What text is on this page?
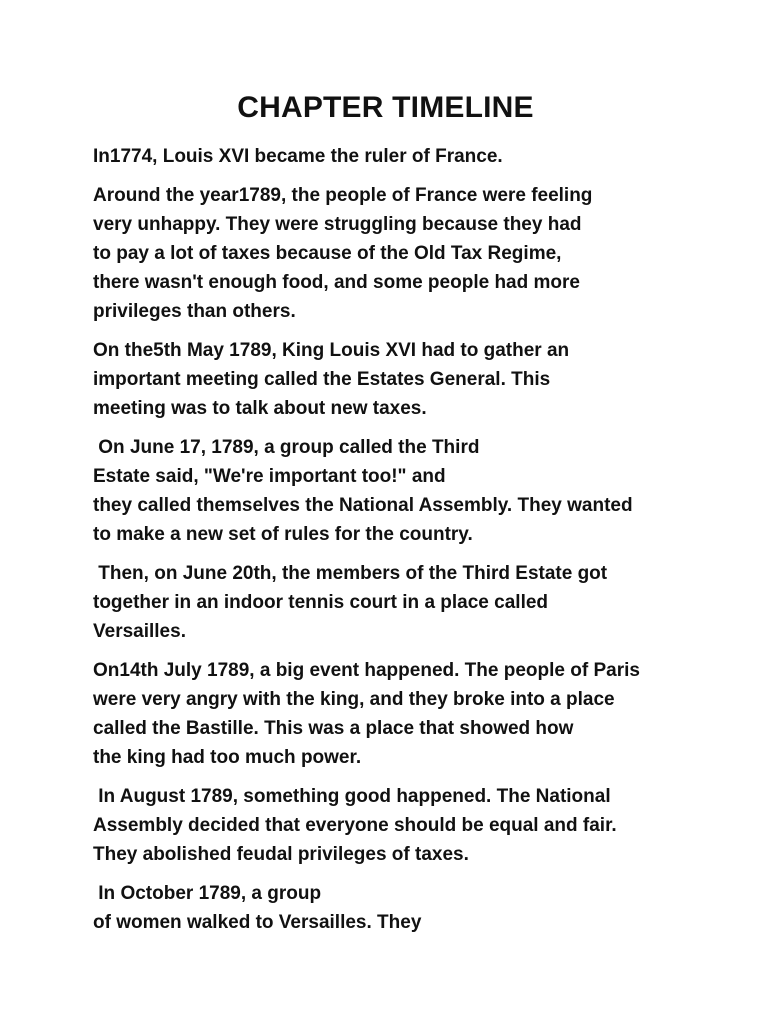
CHAPTER TIMELINE

In1774, Louis XVI became the ruler of France.

Around the year1789, the people of France were feeling
very unhappy. They were struggling because they had
to pay a lot of taxes because of the Old Tax Regime,
there wasn't enough food, and some people had more
privileges than others.

On the5th May 1789, King Louis XVI had to gather an
important meeting called the Estates General. This
meeting was to talk about new taxes.

On June 17, 1789, a group called the Third
Estate said, "We're important too!" and
they called themselves the National Assembly. They wanted
to make a new set of rules for the country.

Then, on June 20th, the members of the Third Estate got
together in an indoor tennis court in a place called
Versailles.

On14th July 1789, a big event happened. The people of Paris
were very angry with the king, and they broke into a place
called the Bastille. This was a place that showed how
the king had too much power.

In August 1789, something good happened. The National
Assembly decided that everyone should be equal and fair.
They abolished feudal privileges of taxes.

In October 1789, a group
of women walked to Versailles. They
